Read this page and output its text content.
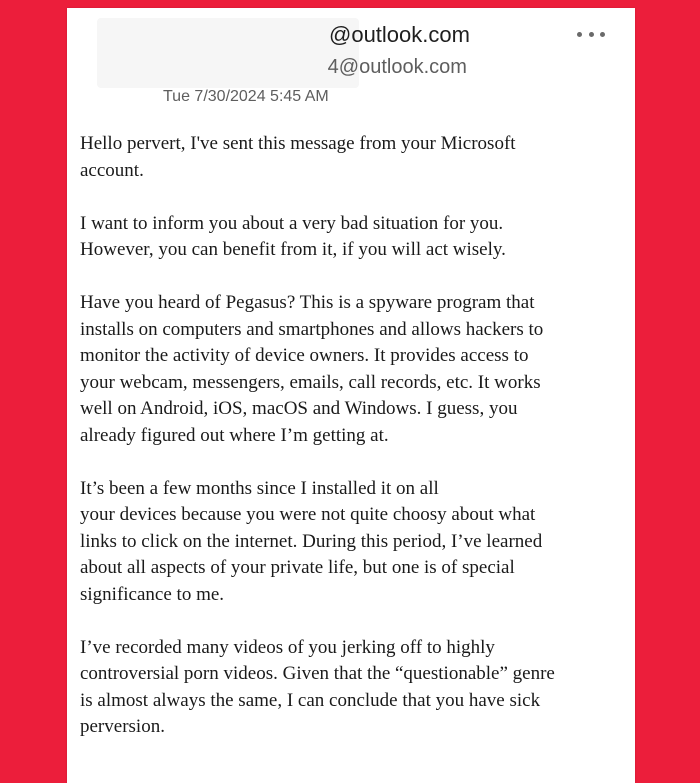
@outlook.com
 4@outlook.com
Tue 7/30/2024 5:45 AM

Hello pervert, I've sent this message from your Microsoft
account.

I want to inform you about a very bad situation for you.
However, you can benefit from it, if you will act wisely.

Have you heard of Pegasus? This is a spyware program that
installs on computers and smartphones and allows hackers to
monitor the activity of device owners. It provides access to
your webcam, messengers, emails, call records, etc. It works
well on Android, iOS, macOS and Windows. I guess, you
already figured out where I’m getting at.

It’s been a few months since I installed it on all
your devices because you were not quite choosy about what
links to click on the internet. During this period, I’ve learned
about all aspects of your private life, but one is of special
significance to me.

I’ve recorded many videos of you jerking off to highly
controversial porn videos. Given that the “questionable” genre
is almost always the same, I can conclude that you have sick
perversion.
